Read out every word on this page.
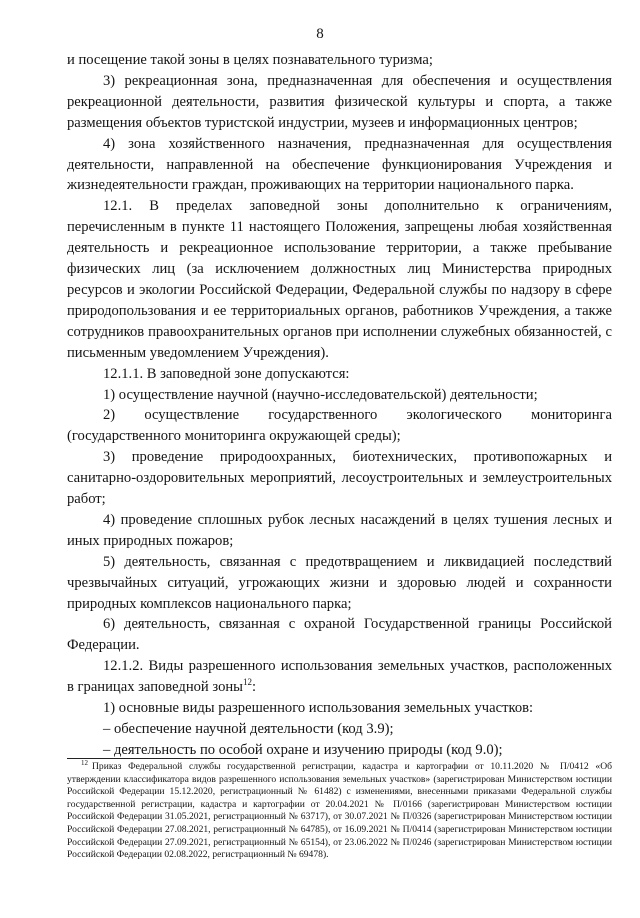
8

и посещение такой зоны в целях познавательного туризма;

3) рекреационная зона, предназначенная для обеспечения и осуществления рекреационной деятельности, развития физической культуры и спорта, а также размещения объектов туристской индустрии, музеев и информационных центров;

4) зона хозяйственного назначения, предназначенная для осуществления деятельности, направленной на обеспечение функционирования Учреждения и жизнедеятельности граждан, проживающих на территории национального парка.

12.1. В пределах заповедной зоны дополнительно к ограничениям, перечисленным в пункте 11 настоящего Положения, запрещены любая хозяйственная деятельность и рекреационное использование территории, а также пребывание физических лиц (за исключением должностных лиц Министерства природных ресурсов и экологии Российской Федерации, Федеральной службы по надзору в сфере природопользования и ее территориальных органов, работников Учреждения, а также сотрудников правоохранительных органов при исполнении служебных обязанностей, с письменным уведомлением Учреждения).

12.1.1. В заповедной зоне допускаются:

1) осуществление научной (научно-исследовательской) деятельности;

2) осуществление государственного экологического мониторинга (государственного мониторинга окружающей среды);

3) проведение природоохранных, биотехнических, противопожарных и санитарно-оздоровительных мероприятий, лесоустроительных и землеустроительных работ;

4) проведение сплошных рубок лесных насаждений в целях тушения лесных и иных природных пожаров;

5) деятельность, связанная с предотвращением и ликвидацией последствий чрезвычайных ситуаций, угрожающих жизни и здоровью людей и сохранности природных комплексов национального парка;

6) деятельность, связанная с охраной Государственной границы Российской Федерации.

12.1.2. Виды разрешенного использования земельных участков, расположенных в границах заповедной зоны$^{12}$:

1) основные виды разрешенного использования земельных участков:

– обеспечение научной деятельности (код 3.9);

– деятельность по особой охране и изучению природы (код 9.0);

$^{12}$ Приказ Федеральной службы государственной регистрации, кадастра и картографии от 10.11.2020 № П/0412 «Об утверждении классификатора видов разрешенного использования земельных участков» (зарегистрирован Министерством юстиции Российской Федерации 15.12.2020, регистрационный № 61482) с изменениями, внесенными приказами Федеральной службы государственной регистрации, кадастра и картографии от 20.04.2021 № П/0166 (зарегистрирован Министерством юстиции Российской Федерации 31.05.2021, регистрационный № 63717), от 30.07.2021 № П/0326 (зарегистрирован Министерством юстиции Российской Федерации 27.08.2021, регистрационный № 64785), от 16.09.2021 № П/0414 (зарегистрирован Министерством юстиции Российской Федерации 27.09.2021, регистрационный № 65154), от 23.06.2022 № П/0246 (зарегистрирован Министерством юстиции Российской Федерации 02.08.2022, регистрационный № 69478).
